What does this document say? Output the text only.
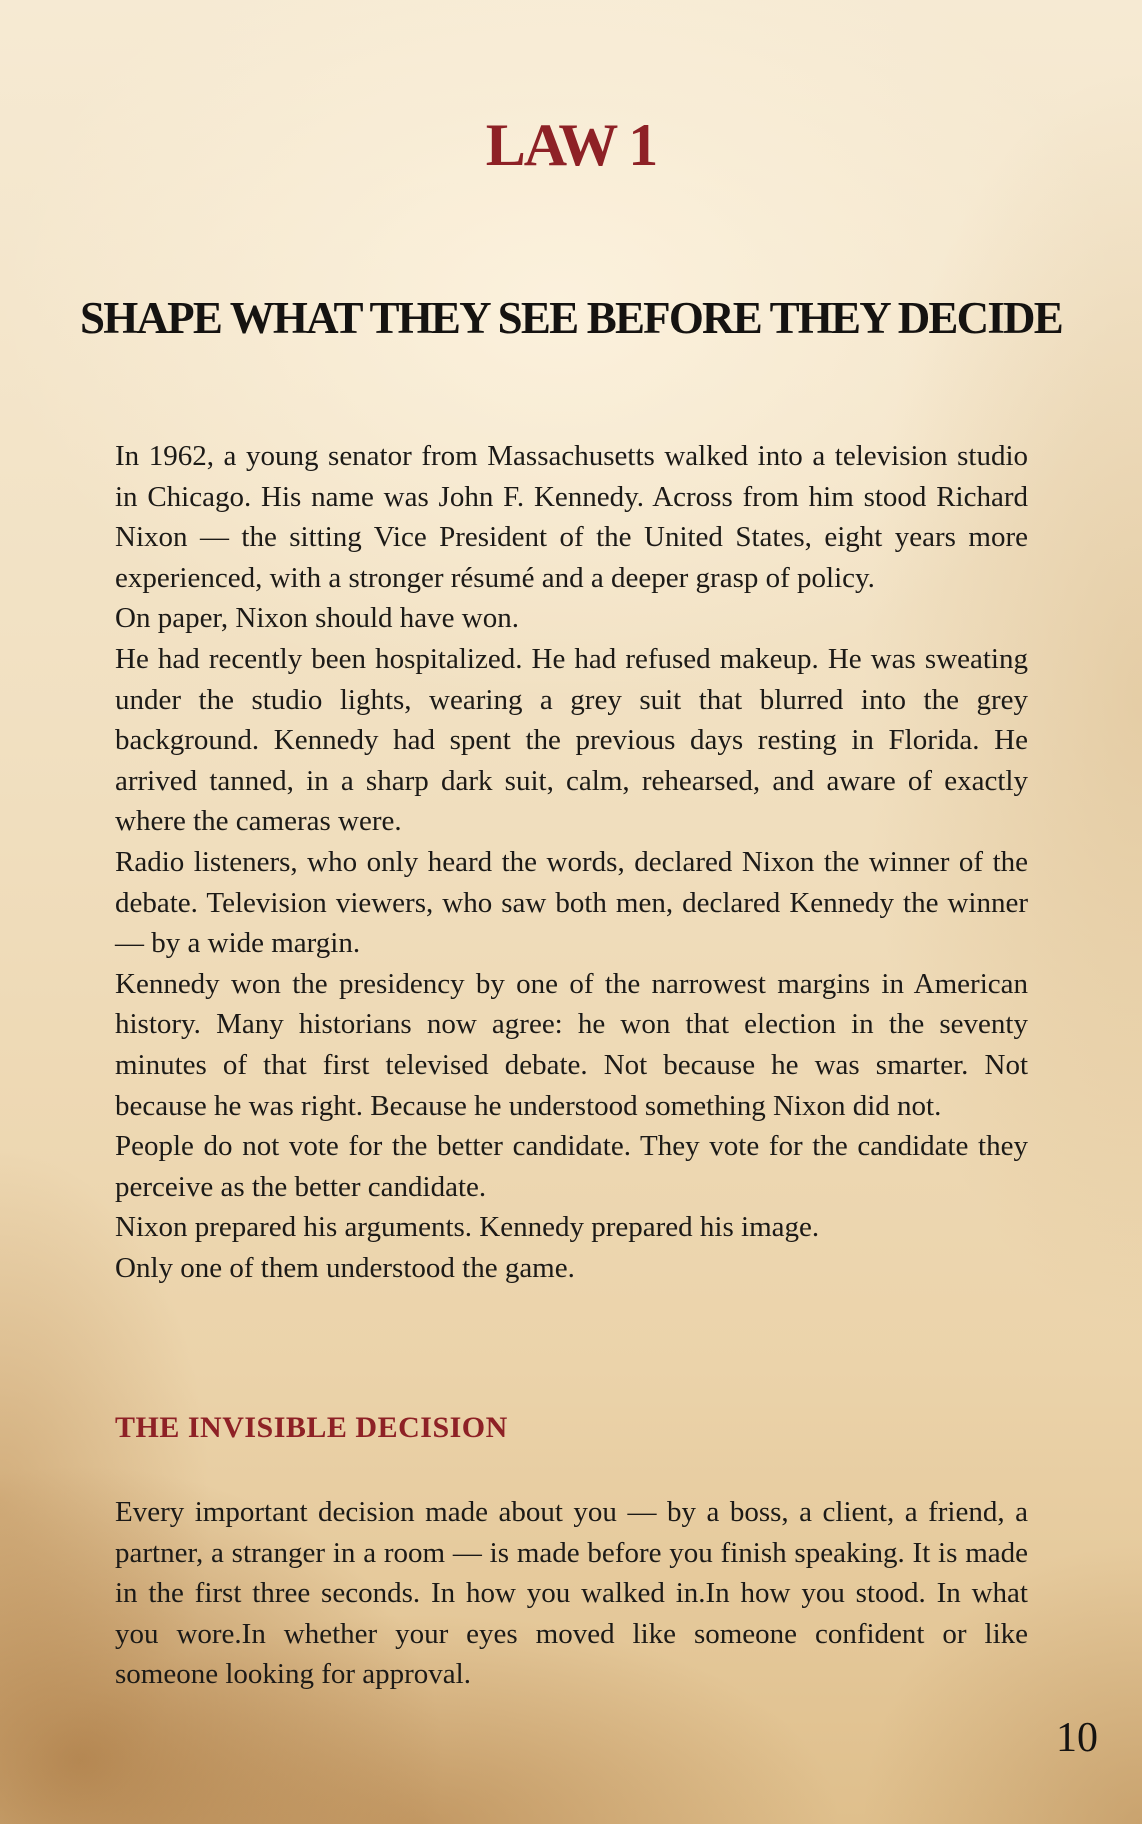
LAW 1
SHAPE WHAT THEY SEE BEFORE THEY DECIDE

In 1962, a young senator from Massachusetts walked into a television studio in Chicago. His name was John F. Kennedy. Across from him stood Richard Nixon — the sitting Vice President of the United States, eight years more experienced, with a stronger résumé and a deeper grasp of policy.

On paper, Nixon should have won.

He had recently been hospitalized. He had refused makeup. He was sweating under the studio lights, wearing a grey suit that blurred into the grey background. Kennedy had spent the previous days resting in Florida. He arrived tanned, in a sharp dark suit, calm, rehearsed, and aware of exactly where the cameras were.

Radio listeners, who only heard the words, declared Nixon the winner of the debate. Television viewers, who saw both men, declared Kennedy the winner — by a wide margin.

Kennedy won the presidency by one of the narrowest margins in American history. Many historians now agree: he won that election in the seventy minutes of that first televised debate. Not because he was smarter. Not because he was right. Because he understood something Nixon did not.

People do not vote for the better candidate. They vote for the candidate they perceive as the better candidate.

Nixon prepared his arguments. Kennedy prepared his image.

Only one of them understood the game.

THE INVISIBLE DECISION

Every important decision made about you — by a boss, a client, a friend, a partner, a stranger in a room — is made before you finish speaking. It is made in the first three seconds. In how you walked in.In how you stood. In what you wore.In whether your eyes moved like someone confident or like someone looking for approval.

10
